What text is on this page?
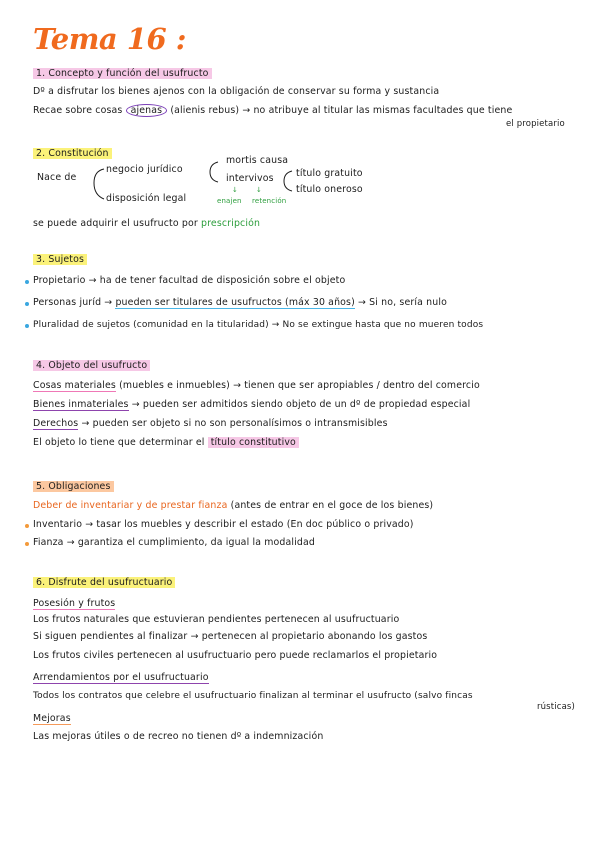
Tema 16 :
1. Concepto y función del usufructo
Dº a disfrutar los bienes ajenos con la obligación de conservar su forma y sustancia
Recae sobre cosas ajenas (alienis rebus) → no atribuye al titular las mismas facultades que tiene
el propietario
2. Constitución
Nace de
negocio jurídico
mortis causa
intervivos título gratuito
título oneroso
↓	↓
enajen retención
disposición legal
se puede adquirir el usufructo por prescripción
3. Sujetos
Propietario → ha de tener facultad de disposición sobre el objeto
Personas juríd → pueden ser titulares de usufructos (máx 30 años) → Si no, sería nulo
Pluralidad de sujetos (comunidad en la titularidad) → No se extingue hasta que no mueren todos
4. Objeto del usufructo
Cosas materiales (muebles e inmuebles) → tienen que ser apropiables / dentro del comercio
Bienes inmateriales → pueden ser admitidos siendo objeto de un dº de propiedad especial
Derechos → pueden ser objeto si no son personalísimos o intransmisibles
El objeto lo tiene que determinar el título constitutivo
5. Obligaciones
Deber de inventariar y de prestar fianza (antes de entrar en el goce de los bienes)
Inventario → tasar los muebles y describir el estado (En doc público o privado)
Fianza → garantiza el cumplimiento, da igual la modalidad
6. Disfrute del usufructuario
Posesión y frutos
Los frutos naturales que estuvieran pendientes pertenecen al usufructuario
Si siguen pendientes al finalizar → pertenecen al propietario abonando los gastos
Los frutos civiles pertenecen al usufructuario pero puede reclamarlos el propietario
Arrendamientos por el usufructuario
Todos los contratos que celebre el usufructuario finalizan al terminar el usufructo (salvo fincas
rústicas)
Mejoras
Las mejoras útiles o de recreo no tienen dº a indemnización
